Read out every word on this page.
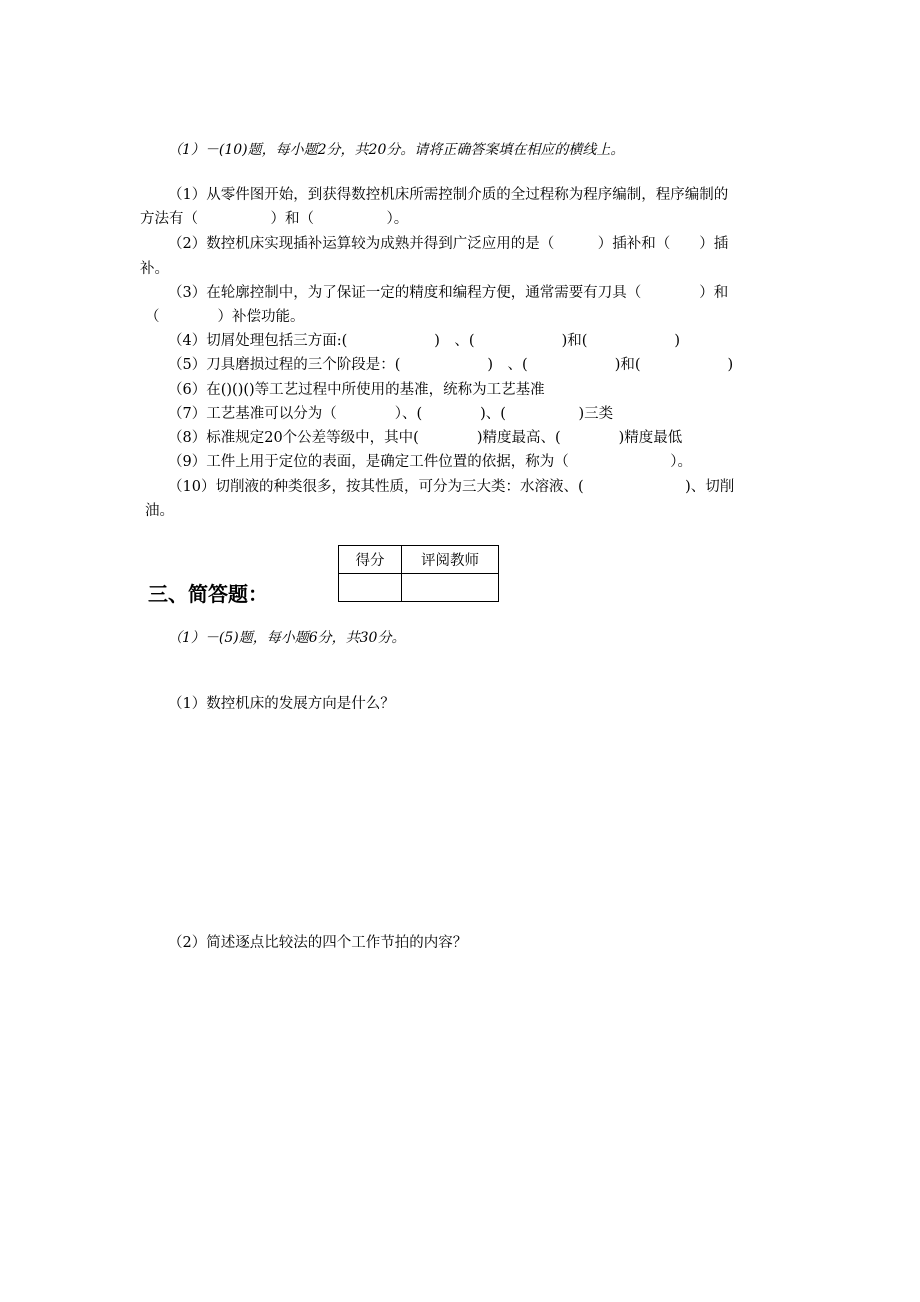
（1）－(10)题，每小题2分，共20分。请将正确答案填在相应的横线上。
（1）从零件图开始，到获得数控机床所需控制介质的全过程称为程序编制，程序编制的
方法有（　　　　　）和（　　　　　）。
（2）数控机床实现插补运算较为成熟并得到广泛应用的是（　　　）插补和（　　）插
补。
（3）在轮廓控制中，为了保证一定的精度和编程方便，通常需要有刀具（　　　　）和
（　　　　）补偿功能。
（4）切屑处理包括三方面:(　　　　　　)　、(　　　　　　)和(　　　　　　)
（5）刀具磨损过程的三个阶段是：(　　　　　　)　、(　　　　　　)和(　　　　　　)
（6）在()()()等工艺过程中所使用的基准，统称为工艺基准
（7）工艺基准可以分为（　　　　）、(　　　　)、(　　　　　)三类
（8）标准规定20个公差等级中，其中(　　　　)精度最高、(　　　　)精度最低
（9）工件上用于定位的表面，是确定工件位置的依据，称为（　　　　　　　）。
（10）切削液的种类很多，按其性质，可分为三大类：水溶液、(　　　　　　　)、切削
油。
得分	评阅教师

三、简答题：
（1）－(5)题，每小题6分，共30分。
（1）数控机床的发展方向是什么？
（2）简述逐点比较法的四个工作节拍的内容？
